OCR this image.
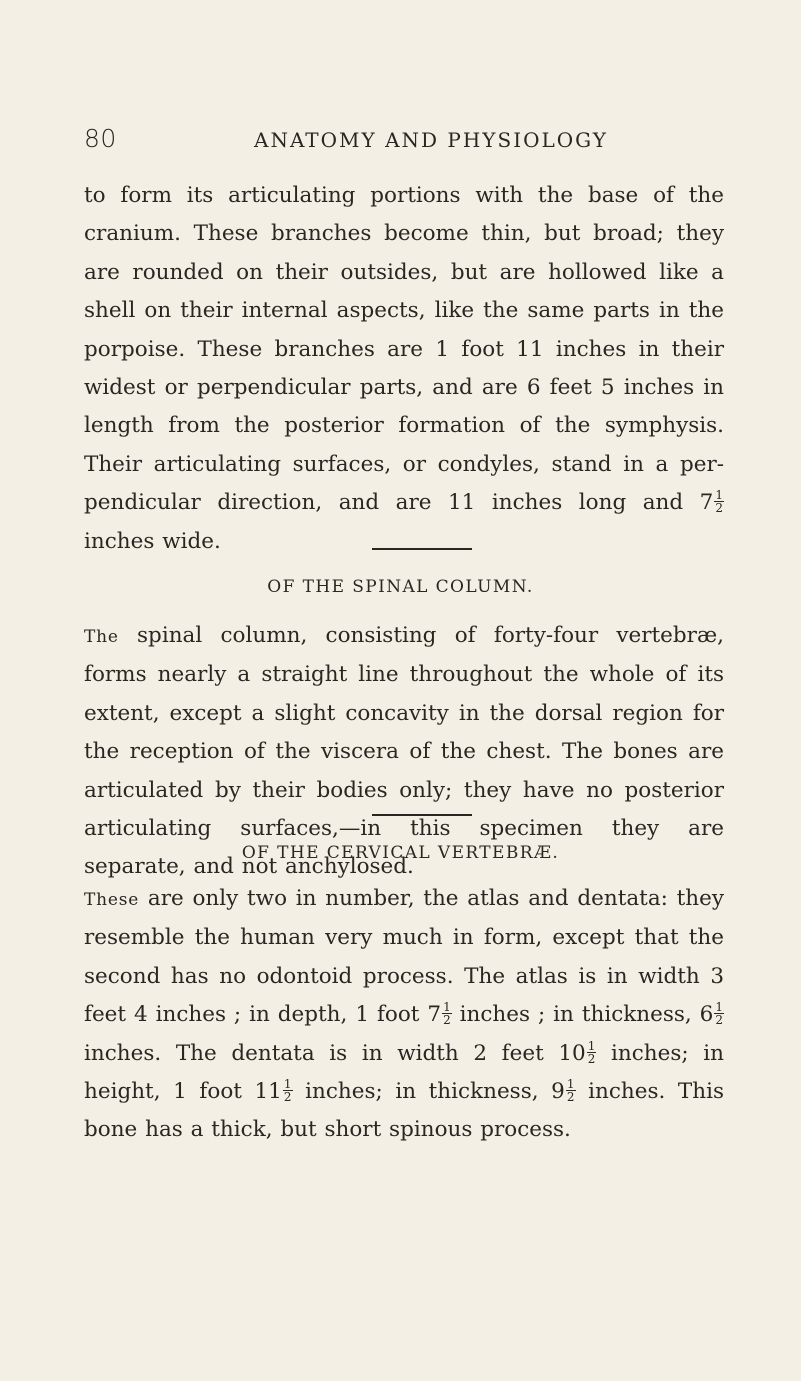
80	ANATOMY AND PHYSIOLOGY

to form its articulating portions with the base of the cranium. These branches become thin, but broad; they are rounded on their outsides, but are hollowed like a shell on their internal aspects, like the same parts in the porpoise. These branches are 1 foot 11 inches in their widest or perpendicular parts, and are 6 feet 5 inches in length from the posterior formation of the symphysis. Their articulating surfaces, or condyles, stand in a per-pendicular direction, and are 11 inches long and $7 \frac{1}{2}$
inches wide.

OF THE SPINAL COLUMN.

The spinal column, consisting of forty-four vertebræ, forms nearly a straight line throughout the whole of its extent, except a slight concavity in the dorsal region for the reception of the viscera of the chest. The bones are articulated by their bodies only; they have no posterior articulating surfaces,—in this specimen they are separate, and not anchylosed.

OF THE CERVICAL VERTEBRÆ.

These are only two in number, the atlas and dentata: they resemble the human very much in form, except that the second has no odontoid process. The atlas is in width 3 feet 4 inches ; in depth, 1 foot $7 \frac{1}{2}$ inches ; in thickness, $6 \frac{1}{2}$
inches. The dentata is in width 2 feet $10 \frac{1}{2}$ inches; in height, 1 foot $11 \frac{1}{2}$ inches; in thickness, $9 \frac{1}{2}$ inches. This bone has a thick, but short spinous process.
